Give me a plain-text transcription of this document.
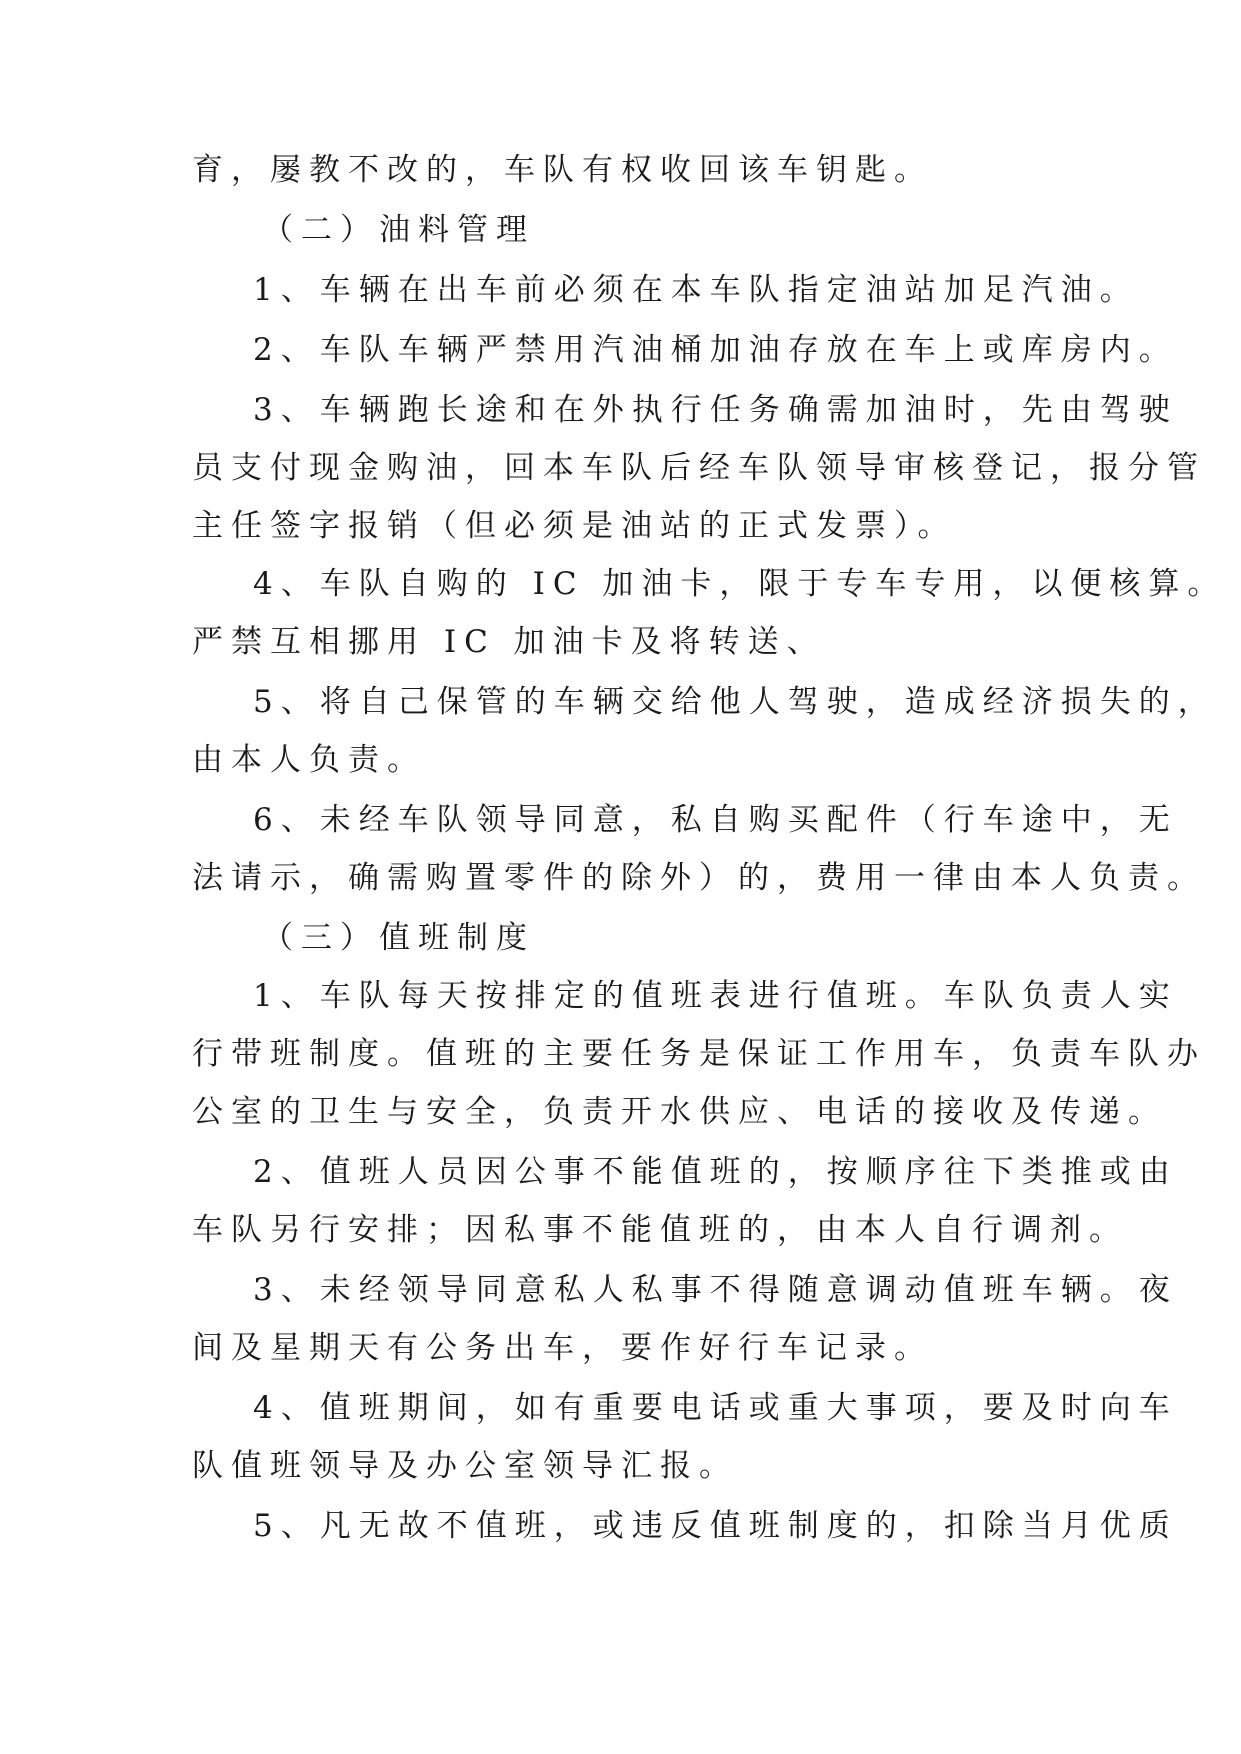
育，屡教不改的，车队有权收回该车钥匙。
（二）油料管理
1、车辆在出车前必须在本车队指定油站加足汽油。
2、车队车辆严禁用汽油桶加油存放在车上或库房内。
3、车辆跑长途和在外执行任务确需加油时，先由驾驶
员支付现金购油，回本车队后经车队领导审核登记，报分管
主任签字报销（但必须是油站的正式发票）。
4、车队自购的 IC 加油卡，限于专车专用，以便核算。
严禁互相挪用 IC 加油卡及将转送、
5、将自己保管的车辆交给他人驾驶，造成经济损失的，
由本人负责。
6、未经车队领导同意，私自购买配件（行车途中，无
法请示，确需购置零件的除外）的，费用一律由本人负责。
（三）值班制度
1、车队每天按排定的值班表进行值班。车队负责人实
行带班制度。值班的主要任务是保证工作用车，负责车队办
公室的卫生与安全，负责开水供应、电话的接收及传递。
2、值班人员因公事不能值班的，按顺序往下类推或由
车队另行安排；因私事不能值班的，由本人自行调剂。
3、未经领导同意私人私事不得随意调动值班车辆。夜
间及星期天有公务出车，要作好行车记录。
4、值班期间，如有重要电话或重大事项，要及时向车
队值班领导及办公室领导汇报。
5、凡无故不值班，或违反值班制度的，扣除当月优质
